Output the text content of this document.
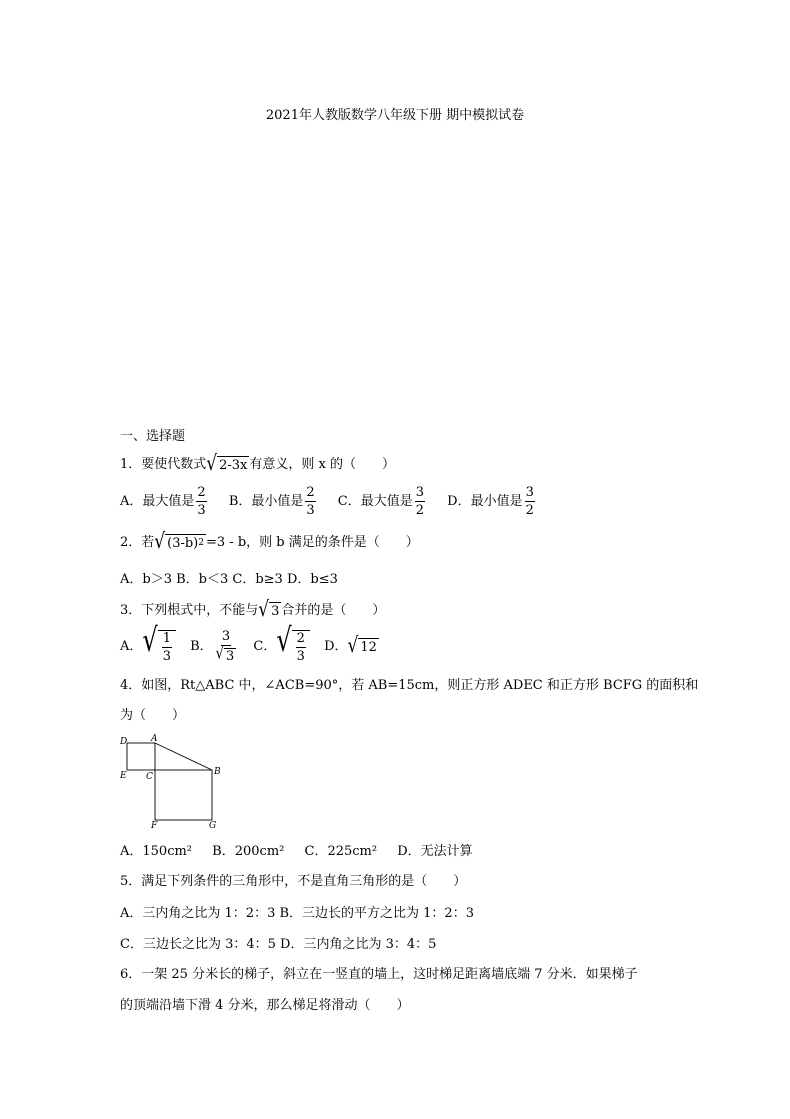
2021年人教版数学八年级下册 期中模拟试卷
一、选择题
1．要使代数式 √ 2-3x 有意义，则 x 的（　　）
A．最大值是 $\frac{2}{3}$ B．最小值是 $\frac{2}{3}$ C．最大值是 $\frac{3}{2}$ D．最小值是 $\frac{3}{2}$
2．若 √ (3-b) 2 =3 - b，则 b 满足的条件是（　　）
A．b＞3 B．b＜3 C．b≥3 D．b≤3
3．下列根式中，不能与 √ 3 合并的是（　　）
A． √ $\frac{1}{3}$ B． $\frac{3}{√ 3}$ C． √ $\frac{2}{3}$ D． √ 12
4．如图，Rt△ABC 中，∠ACB=90°，若 AB=15cm，则正方形 ADEC 和正方形 BCFG 的面积和
为（　　）
D	A
E C	B
F	G
A．150cm² B．200cm² C．225cm² D．无法计算
5．满足下列条件的三角形中，不是直角三角形的是（　　）
A．三内角之比为 1：2：3 B．三边长的平方之比为 1：2：3
C．三边长之比为 3：4：5 D．三内角之比为 3：4：5
6．一架 25 分米长的梯子，斜立在一竖直的墙上，这时梯足距离墙底端 7 分米．如果梯子
的顶端沿墙下滑 4 分米，那么梯足将滑动（　　）
